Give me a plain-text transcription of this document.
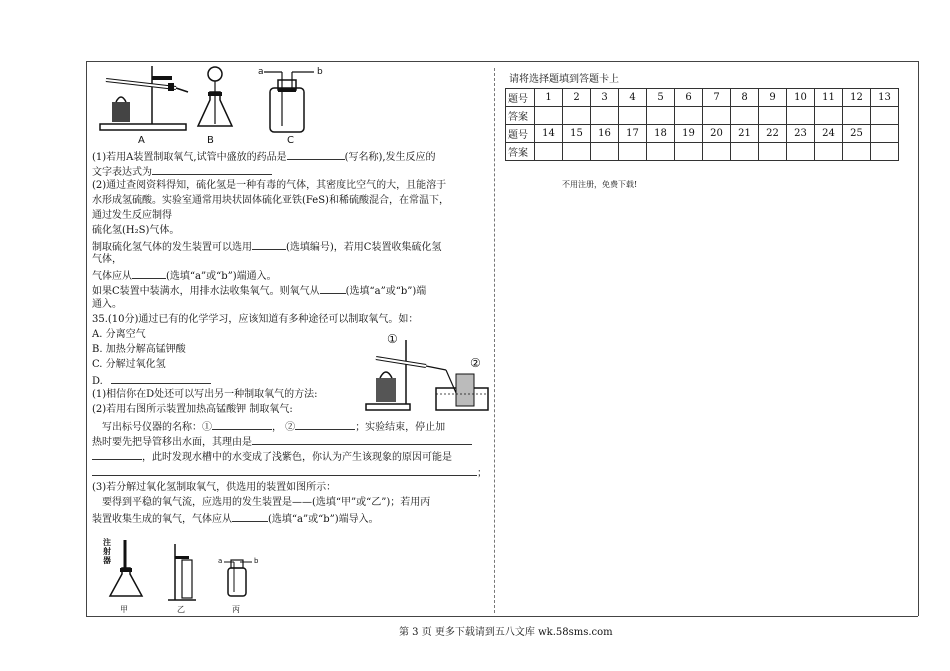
A	B	C
a	b
(1)若用A装置制取氧气,试管中盛放的药品是	(写名称),发生反应的
文字表达式为
(2)通过查阅资料得知，硫化氢是一种有毒的气体，其密度比空气的大，且能溶于
水形成氢硫酸。实验室通常用块状固体硫化亚铁(FeS)和稀硫酸混合，在常温下，
通过发生反应制得
硫化氢(H₂S)气体。
制取硫化氢气体的发生装置可以选用	(选填编号)，若用C装置收集硫化氢
气体，
气体应从	(选填“a”或“b”)端通入。
如果C装置中装满水，用排水法收集氧气。则氧气从	(选填“a”或“b”)端
通入。
35.(10分)通过已有的化学学习，应该知道有多种途径可以制取氧气。如：
A. 分离空气
B. 加热分解高锰钾酸
C. 分解过氧化氢
D.
(1)相信你在D处还可以写出另一种制取氧气的方法:
(2)若用右图所示装置加热高锰酸钾 制取氧气:
写出标号仪器的名称：①	， ②	；实验结束，停止加
热时要先把导管移出水面，其理由是
，此时发现水槽中的水变成了浅紫色，你认为产生该现象的原因可能是
；
(3)若分解过氧化氢制取氧气，供选用的装置如图所示：
要得到平稳的氧气流，应选用的发生装置是——(选填“甲”或“乙”)；若用丙
装置收集生成的氧气，气体应从	(选填“a”或“b”)端导入。
①
②
注射器
甲	乙	丙
a	b
请将选择题填到答题卡上
题号	1	2	3	4	5	6	7	8	9	10	11	12	13
答案													
题号	14	15	16	17	18	19	20	21	22	23	24	25	
答案													
不用注册，免费下载!
第 3 页 更多下载请到五八文库 wk.58sms.com
